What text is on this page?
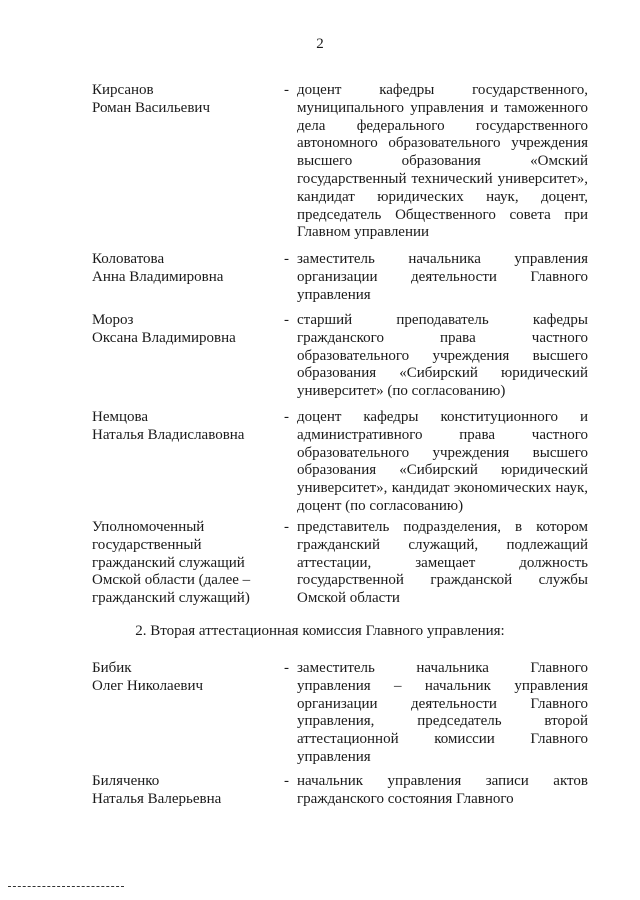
2
Кирсанов
Роман Васильевич
- доцент кафедры государственного, муниципального управления и таможенного дела федерального государственного автономного образовательного учреждения высшего образования «Омский государственный технический университет», кандидат юридических наук, доцент, председатель Общественного совета при Главном управлении
Коловатова
Анна Владимировна
- заместитель начальника управления организации деятельности Главного управления
Мороз
Оксана Владимировна
- старший преподаватель кафедры гражданского права частного образовательного учреждения высшего образования «Сибирский юридический университет» (по согласованию)
Немцова
Наталья Владиславовна
- доцент кафедры конституционного и административного права частного образовательного учреждения высшего образования «Сибирский юридический университет», кандидат экономических наук, доцент (по согласованию)
Уполномоченный
государственный
гражданский служащий
Омской области (далее –
гражданский служащий)
- представитель подразделения, в котором гражданский служащий, подлежащий аттестации, замещает должность государственной гражданской службы Омской области
2. Вторая аттестационная комиссия Главного управления:
Бибик
Олег Николаевич
- заместитель начальника Главного управления – начальник управления организации деятельности Главного управления, председатель второй аттестационной комиссии Главного управления
Биляченко
Наталья Валерьевна
- начальник управления записи актов гражданского состояния Главного
